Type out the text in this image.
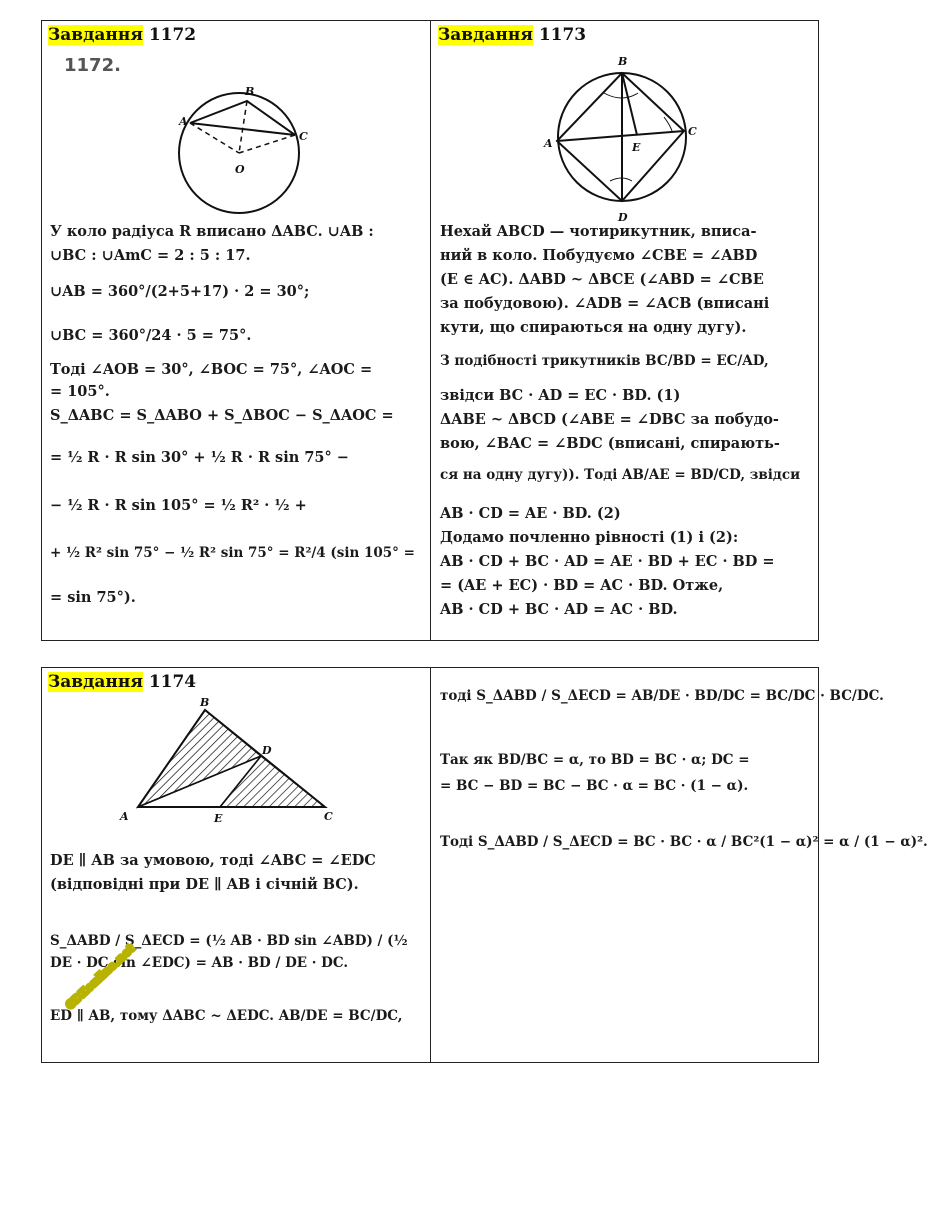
Завдання 1172
1172.
A
B
C
O
У коло радіуса R вписано ΔABC. ∪AB :
∪BC : ∪AmC = 2 : 5 : 17.
∪AB = 360°/(2+5+17) · 2 = 30°;
∪BC = 360°/24 · 5 = 75°.
Тоді ∠AOB = 30°, ∠BOC = 75°, ∠AOC =
= 105°.
S_ΔABC = S_ΔABO + S_ΔBOC − S_ΔAOC =
= ½ R · R sin 30° + ½ R · R sin 75° −
− ½ R · R sin 105° = ½ R² · ½ +
+ ½ R² sin 75° − ½ R² sin 75° = R²/4 (sin 105° =
= sin 75°).
Завдання 1173
A
B
C
D
E
Нехай ABCD — чотирикутник, вписа-
ний в коло. Побудуємо ∠CBE = ∠ABD
(E ∈ AC). ΔABD ~ ΔBCE (∠ABD = ∠CBE
за побудовою). ∠ADB = ∠ACB (вписані
кути, що спираються на одну дугу).
З подібності трикутників BC/BD = EC/AD,
звідси BC · AD = EC · BD. (1)
ΔABE ~ ΔBCD (∠ABE = ∠DBC за побудо-
вою, ∠BAC = ∠BDC (вписані, спирають-
ся на одну дугу)). Тоді AB/AE = BD/CD, звідси
AB · CD = AE · BD. (2)
Додамо почленно рівності (1) і (2):
AB · CD + BC · AD = AE · BD + EC · BD =
= (AE + EC) · BD = AC · BD. Отже,
AB · CD + BC · AD = AC · BD.
Завдання 1174
A
B
C
D
E
DE ∥ AB за умовою, тоді ∠ABC = ∠EDC
(відповідні при DE ∥ AB і січній BC).
S_ΔABD / S_ΔECD = (½ AB · BD sin ∠ABD) / (½ DE · DC sin ∠EDC) = AB · BD / DE · DC.
ED ∥ AB, тому ΔABC ~ ΔEDC. AB/DE = BC/DC,
тоді S_ΔABD / S_ΔECD = AB/DE · BD/DC = BC/DC · BC/DC.
Так як BD/BC = α, то BD = BC · α; DC =
= BC − BD = BC − BC · α = BC · (1 − α).
Тоді S_ΔABD / S_ΔECD = BC · BC · α / BC²(1 − α)² = α / (1 − α)².
GDZonline.net
